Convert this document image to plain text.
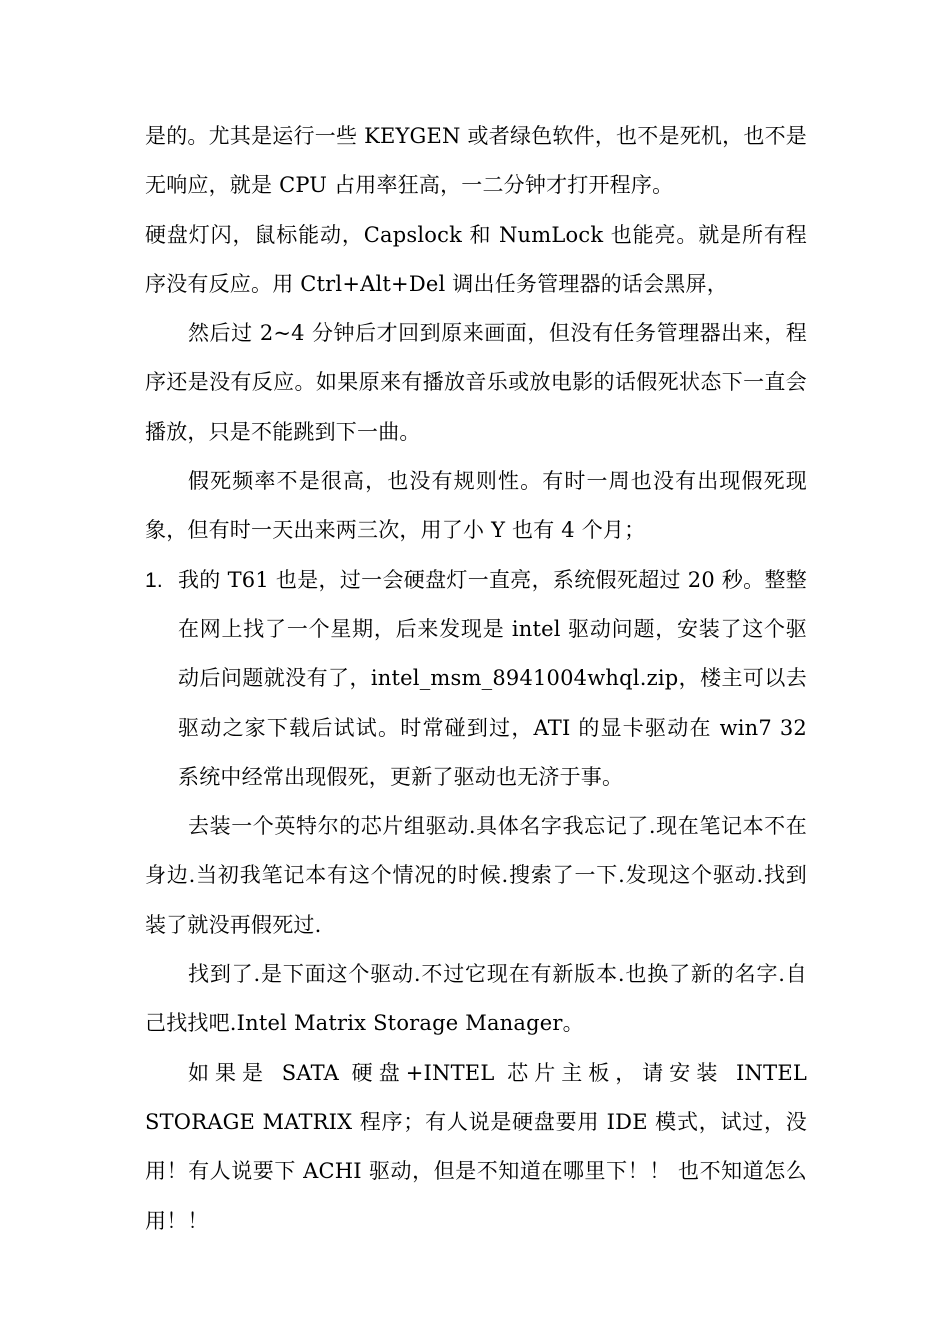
是的。尤其是运行一些 KEYGEN 或者绿色软件，也不是死机，也不是无响应，就是 CPU 占用率狂高，一二分钟才打开程序。

硬盘灯闪，鼠标能动，Capslock 和 NumLock 也能亮。就是所有程序没有反应。用 Ctrl+Alt+Del 调出任务管理器的话会黑屏，

然后过 2~4 分钟后才回到原来画面，但没有任务管理器出来，程序还是没有反应。如果原来有播放音乐或放电影的话假死状态下一直会播放，只是不能跳到下一曲。

假死频率不是很高，也没有规则性。有时一周也没有出现假死现象，但有时一天出来两三次，用了小 Y 也有 4 个月；

1. 我的 T61 也是，过一会硬盘灯一直亮，系统假死超过 20 秒。整整在网上找了一个星期，后来发现是 intel 驱动问题，安装了这个驱动后问题就没有了，intel_msm_8941004whql.zip，楼主可以去驱动之家下载后试试。时常碰到过，ATI 的显卡驱动在 win7 32 系统中经常出现假死，更新了驱动也无济于事。

去装一个英特尔的芯片组驱动.具体名字我忘记了.现在笔记本不在身边.当初我笔记本有这个情况的时候.搜索了一下.发现这个驱动.找到装了就没再假死过.

找到了.是下面这个驱动.不过它现在有新版本.也换了新的名字.自己找找吧.Intel Matrix Storage Manager。

如果是 SATA 硬盘+INTEL 芯片主板，请安装 INTEL STORAGE MATRIX 程序；有人说是硬盘要用 IDE 模式，试过，没用！有人说要下 ACHI 驱动，但是不知道在哪里下！！ 也不知道怎么用！！
